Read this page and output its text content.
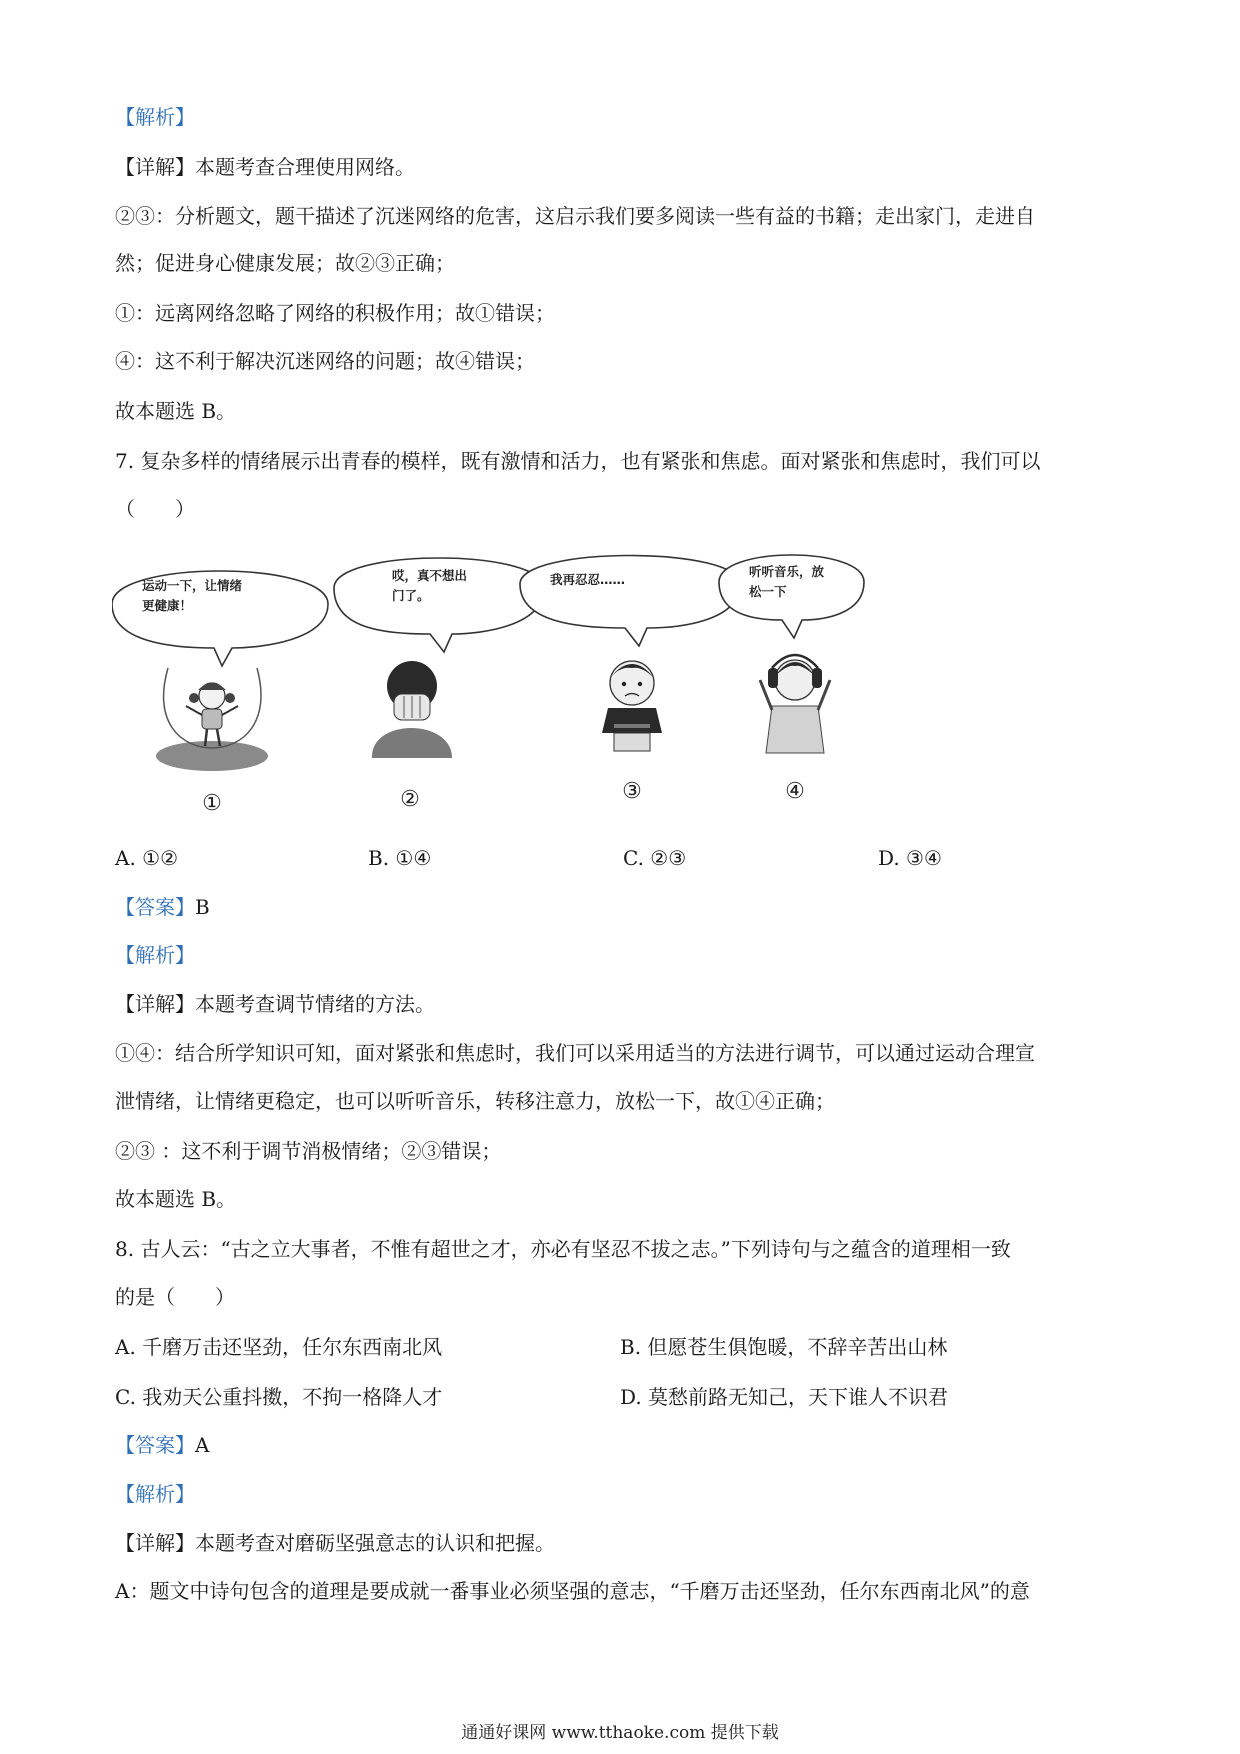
【解析】

【详解】本题考查合理使用网络。

②③：分析题文，题干描述了沉迷网络的危害，这启示我们要多阅读一些有益的书籍；走出家门，走进自

然；促进身心健康发展；故②③正确；

①：远离网络忽略了网络的积极作用；故①错误；

④：这不利于解决沉迷网络的问题；故④错误；

故本题选 B。

7. 复杂多样的情绪展示出青春的模样，既有激情和活力，也有紧张和焦虑。面对紧张和焦虑时，我们可以

（　　）

运动一下，让情绪
更健康！
①
哎，真不想出
门了。
②
我再忍忍……
③
听听音乐，放
松一下
④
A. ①②	B. ①④	C. ②③	D. ③④

【答案】B

【解析】

【详解】本题考查调节情绪的方法。

①④：结合所学知识可知，面对紧张和焦虑时，我们可以采用适当的方法进行调节，可以通过运动合理宣

泄情绪，让情绪更稳定，也可以听听音乐，转移注意力，放松一下，故①④正确；

②③ ：这不利于调节消极情绪；②③错误；

故本题选 B。

8. 古人云：“古之立大事者，不惟有超世之才，亦必有坚忍不拔之志。”下列诗句与之蕴含的道理相一致

的是（　　）

A. 千磨万击还坚劲，任尔东西南北风	B. 但愿苍生俱饱暖，不辞辛苦出山林
C. 我劝天公重抖擞，不拘一格降人才	D. 莫愁前路无知己，天下谁人不识君

【答案】A

【解析】

【详解】本题考查对磨砺坚强意志的认识和把握。

A：题文中诗句包含的道理是要成就一番事业必须坚强的意志，“千磨万击还坚劲，任尔东西南北风”的意

通通好课网 www.tthaoke.com 提供下载
